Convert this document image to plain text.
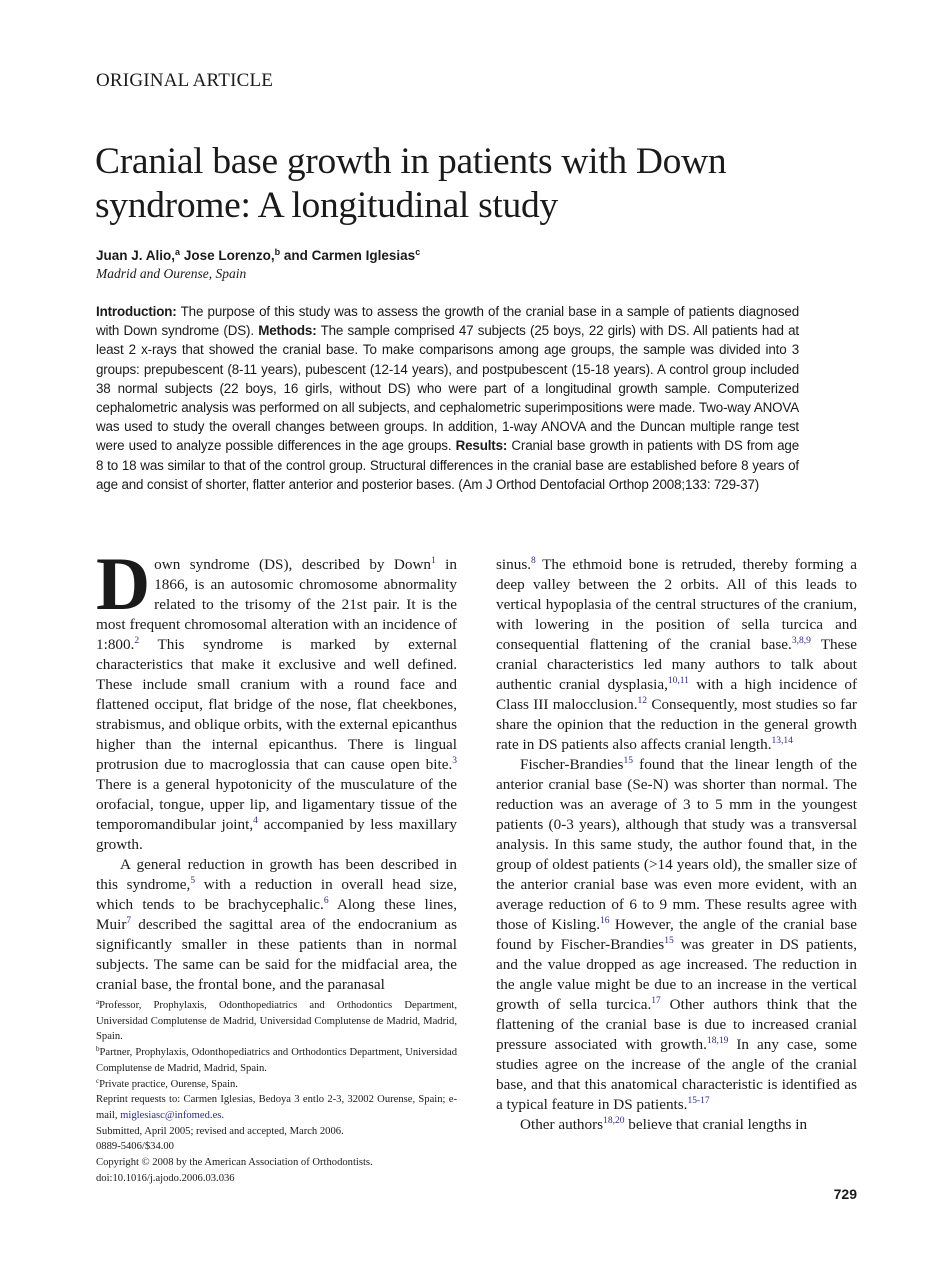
ORIGINAL ARTICLE
Cranial base growth in patients with Down syndrome: A longitudinal study
Juan J. Alio,$^a$ Jose Lorenzo,$^b$ and Carmen Iglesias$^c$
Madrid and Ourense, Spain

Introduction: The purpose of this study was to assess the growth of the cranial base in a sample of patients diagnosed with Down syndrome (DS). Methods: The sample comprised 47 subjects (25 boys, 22 girls) with DS. All patients had at least 2 x-rays that showed the cranial base. To make comparisons among age groups, the sample was divided into 3 groups: prepubescent (8-11 years), pubescent (12-14 years), and postpubescent (15-18 years). A control group included 38 normal subjects (22 boys, 16 girls, without DS) who were part of a longitudinal growth sample. Computerized cephalometric analysis was performed on all subjects, and cephalometric superimpositions were made. Two-way ANOVA was used to study the overall changes between groups. In addition, 1-way ANOVA and the Duncan multiple range test were used to analyze possible differences in the age groups. Results: Cranial base growth in patients with DS from age 8 to 18 was similar to that of the control group. Structural differences in the cranial base are established before 8 years of age and consist of shorter, flatter anterior and posterior bases. (Am J Orthod Dentofacial Orthop 2008;133: 729-37)

Down syndrome (DS), described by Down$^1$ in 1866, is an autosomic chromosome abnormality related to the trisomy of the 21st pair. It is the most frequent chromosomal alteration with an incidence of 1:800.$^2$ This syndrome is marked by external characteristics that make it exclusive and well defined. These include small cranium with a round face and flattened occiput, flat bridge of the nose, flat cheekbones, strabismus, and oblique orbits, with the external epicanthus higher than the internal epicanthus. There is lingual protrusion due to macroglossia that can cause open bite.$^3$ There is a general hypotonicity of the musculature of the orofacial, tongue, upper lip, and ligamentary tissue of the temporomandibular joint,$^4$ accompanied by less maxillary growth.

A general reduction in growth has been described in this syndrome,$^5$ with a reduction in overall head size, which tends to be brachycephalic.$^6$ Along these lines, Muir$^7$ described the sagittal area of the endocranium as significantly smaller in these patients than in normal subjects. The same can be said for the midfacial area, the cranial base, the frontal bone, and the paranasal

$^a$Professor, Prophylaxis, Odonthopediatrics and Orthodontics Department, Universidad Complutense de Madrid, Universidad Complutense de Madrid, Madrid, Spain.

$^b$Partner, Prophylaxis, Odonthopediatrics and Orthodontics Department, Universidad Complutense de Madrid, Madrid, Spain.

$^c$Private practice, Ourense, Spain.

Reprint requests to: Carmen Iglesias, Bedoya 3 entlo 2-3, 32002 Ourense, Spain; e-mail, miglesiasc@infomed.es.

Submitted, April 2005; revised and accepted, March 2006.

0889-5406/$34.00

Copyright © 2008 by the American Association of Orthodontists.

doi:10.1016/j.ajodo.2006.03.036

sinus.$^8$ The ethmoid bone is retruded, thereby forming a deep valley between the 2 orbits. All of this leads to vertical hypoplasia of the central structures of the cranium, with lowering in the position of sella turcica and consequential flattening of the cranial base.$^{3,8,9}$ These cranial characteristics led many authors to talk about authentic cranial dysplasia,$^{10,11}$ with a high incidence of Class III malocclusion.$^{12}$ Consequently, most studies so far share the opinion that the reduction in the general growth rate in DS patients also affects cranial length.$^{13,14}$

Fischer-Brandies$^{15}$ found that the linear length of the anterior cranial base (Se-N) was shorter than normal. The reduction was an average of 3 to 5 mm in the youngest patients (0-3 years), although that study was a transversal analysis. In this same study, the author found that, in the group of oldest patients (>14 years old), the smaller size of the anterior cranial base was even more evident, with an average reduction of 6 to 9 mm. These results agree with those of Kisling.$^{16}$ However, the angle of the cranial base found by Fischer-Brandies$^{15}$ was greater in DS patients, and the value dropped as age increased. The reduction in the angle value might be due to an increase in the vertical growth of sella turcica.$^{17}$ Other authors think that the flattening of the cranial base is due to increased cranial pressure associated with growth.$^{18,19}$ In any case, some studies agree on the increase of the angle of the cranial base, and that this anatomical characteristic is identified as a typical feature in DS patients.$^{15-17}$

Other authors$^{18,20}$ believe that cranial lengths in

729
